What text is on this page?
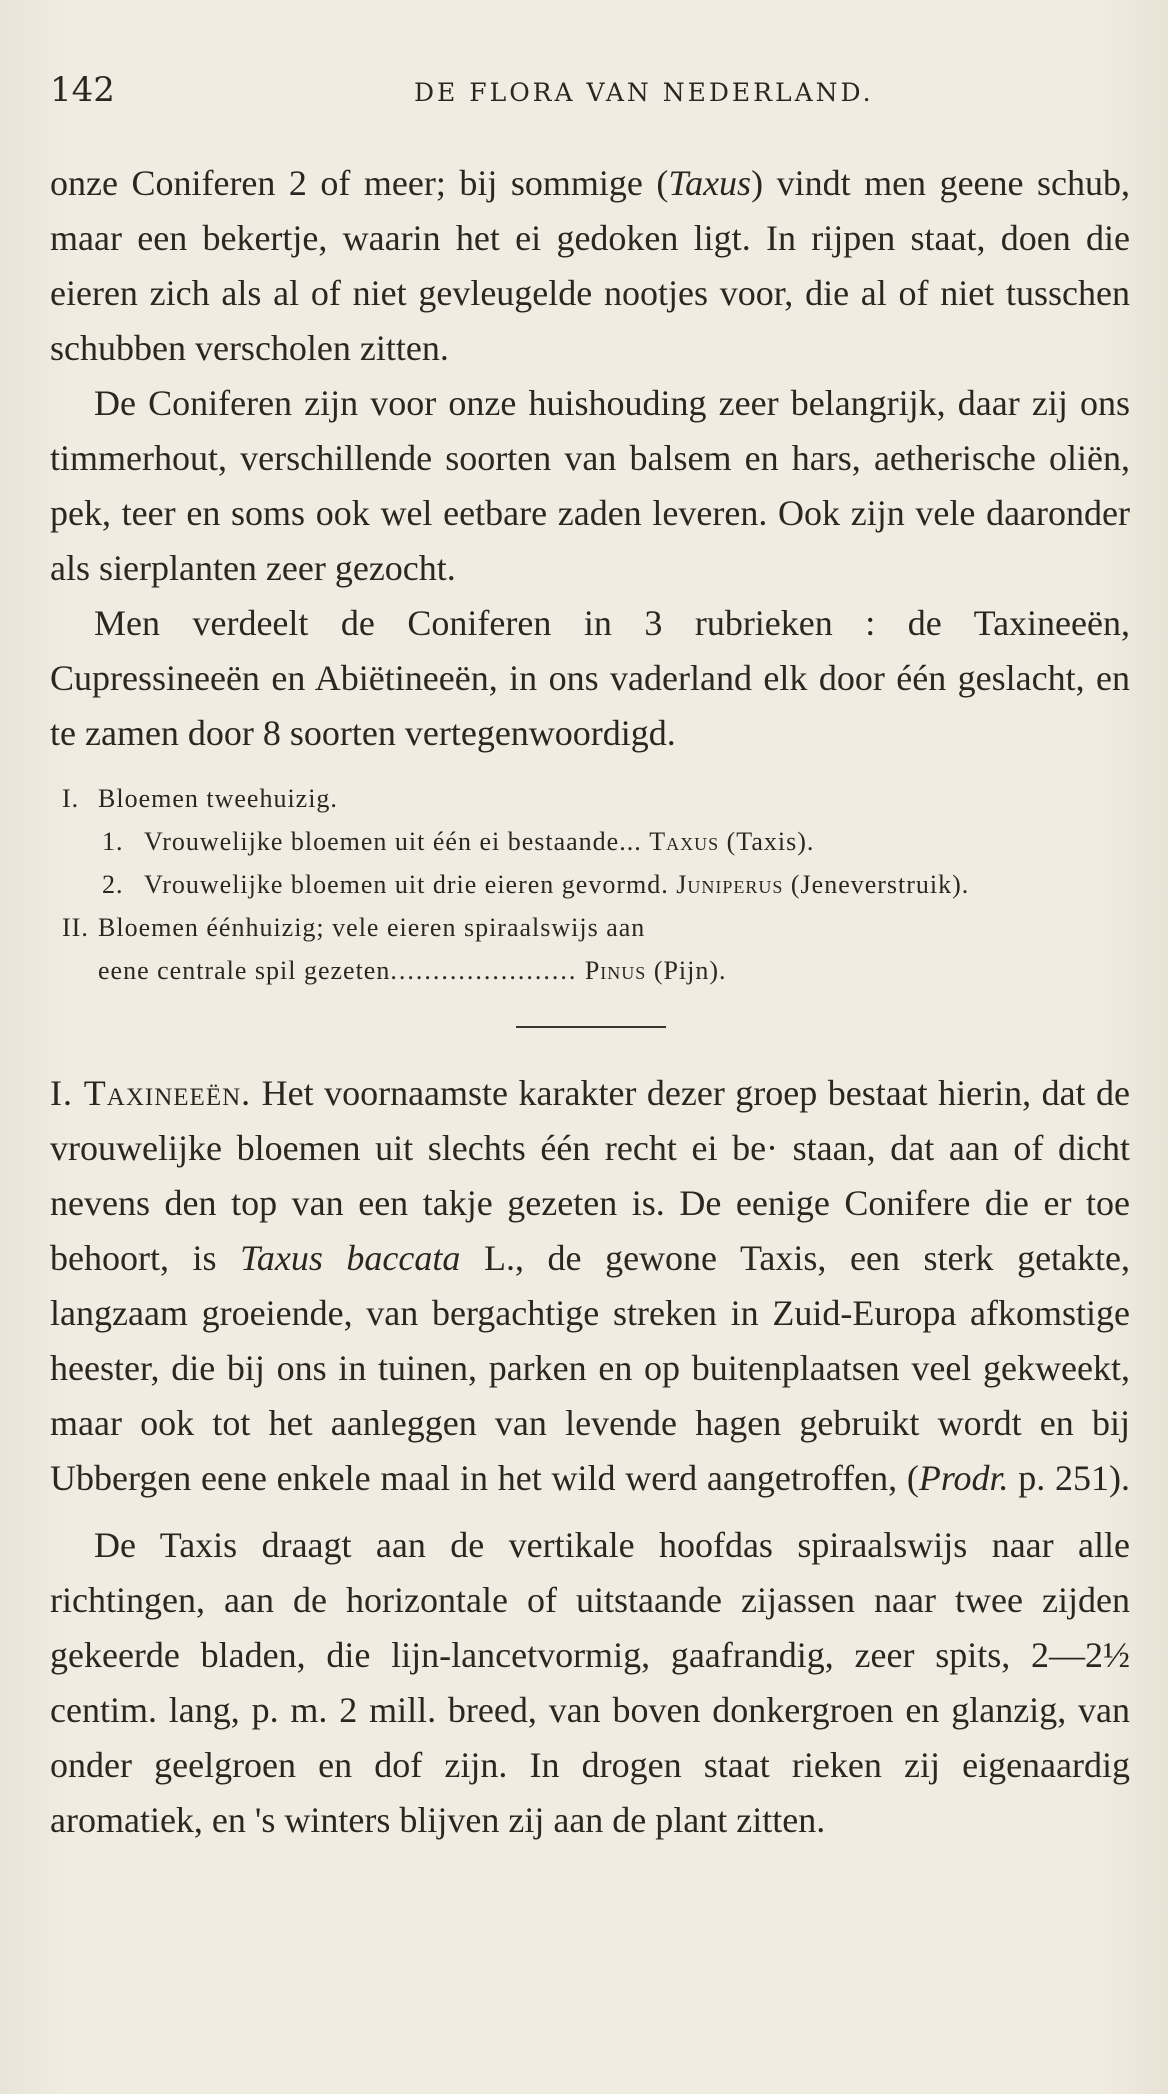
142	DE FLORA VAN NEDERLAND.

onze Coniferen 2 of meer; bij sommige (Taxus) vindt men geene schub, maar een bekertje, waarin het ei gedoken ligt. In rijpen staat, doen die eieren zich als al of niet gevleugelde nootjes voor, die al of niet tusschen schubben verscholen zitten.

De Coniferen zijn voor onze huishouding zeer belangrijk, daar zij ons timmerhout, verschillende soorten van balsem en hars, aetherische oliën, pek, teer en soms ook wel eetbare zaden leveren. Ook zijn vele daaronder als sierplanten zeer gezocht.

Men verdeelt de Coniferen in 3 rubrieken : de Taxineeën, Cupressineeën en Abiëtineeën, in ons vaderland elk door één geslacht, en te zamen door 8 soorten vertegenwoordigd.

I. Bloemen tweehuizig.
1. Vrouwelijke bloemen uit één ei bestaande...
Taxus
(Taxis).
2. Vrouwelijke bloemen uit drie eieren gevormd.
Juniperus
(Jeneverstruik).
II. Bloemen éénhuizig; vele eieren spiraalswijs aan
eene centrale spil gezeten ......................
Pinus
(Pijn).

I. Taxineeën. Het voornaamste karakter dezer groep bestaat hierin, dat de vrouwelijke bloemen uit slechts één recht ei be· staan, dat aan of dicht nevens den top van een takje gezeten is. De eenige Conifere die er toe behoort, is Taxus baccata L., de gewone Taxis, een sterk getakte, langzaam groeiende, van bergachtige streken in Zuid-Europa afkomstige heester, die bij ons in tuinen, parken en op buitenplaatsen veel gekweekt, maar ook tot het aanleggen van levende hagen gebruikt wordt en bij Ubbergen eene enkele maal in het wild werd aangetroffen, (Prodr. p. 251).

De Taxis draagt aan de vertikale hoofdas spiraalswijs naar alle richtingen, aan de horizontale of uitstaande zijassen naar twee zijden gekeerde bladen, die lijn-lancetvormig, gaafrandig, zeer spits, 2—2½ centim. lang, p. m. 2 mill. breed, van boven donkergroen en glanzig, van onder geelgroen en dof zijn. In drogen staat rieken zij eigenaardig aromatiek, en 's winters blijven zij aan de plant zitten.
